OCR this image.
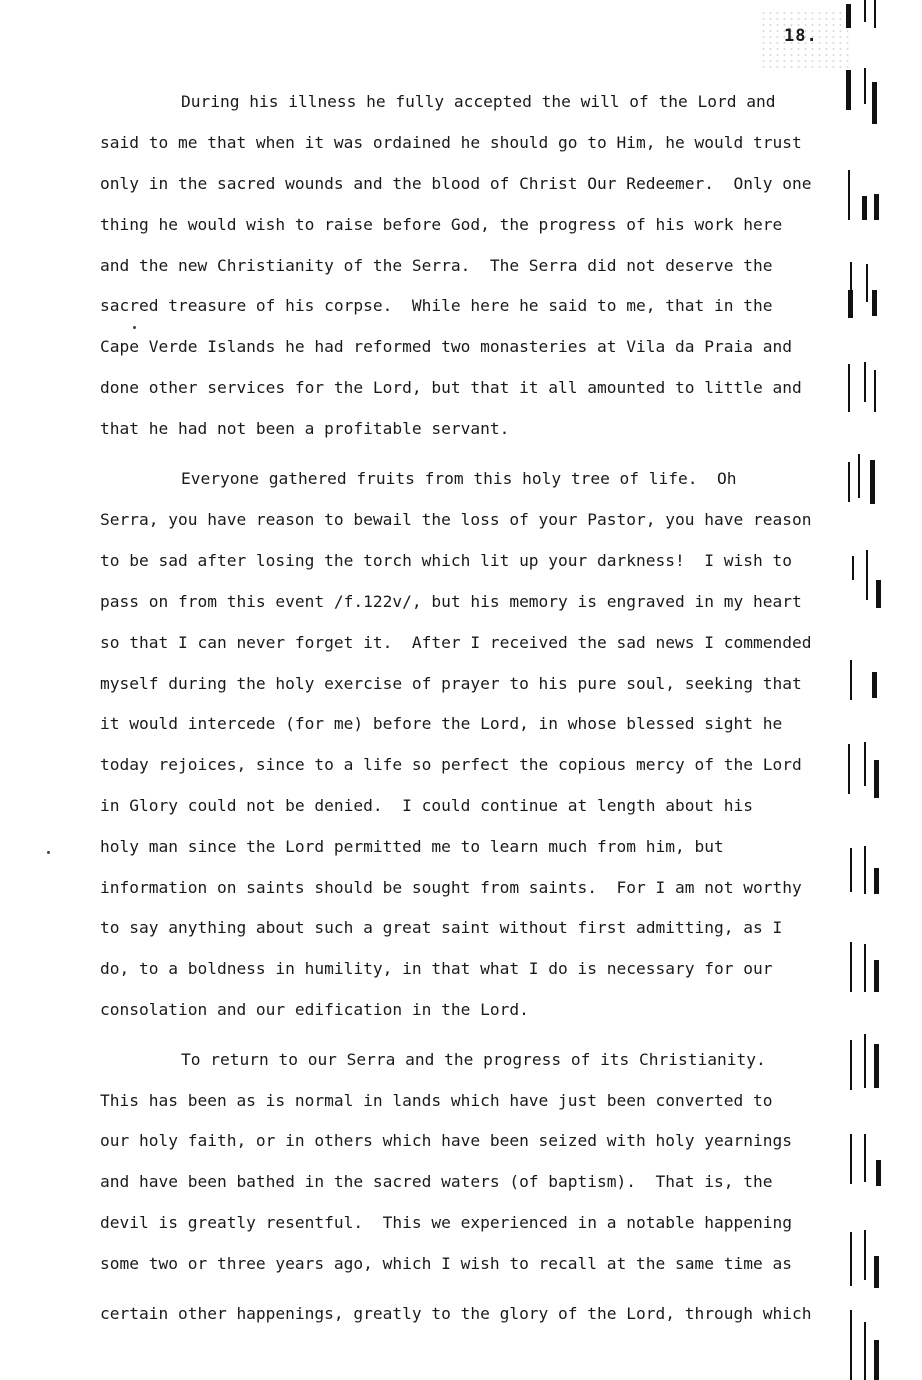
18.
During his illness he fully accepted the will of the Lord and
said to me that when it was ordained he should go to Him, he would trust
only in the sacred wounds and the blood of Christ Our Redeemer.  Only one
thing he would wish to raise before God, the progress of his work here
and the new Christianity of the Serra.  The Serra did not deserve the
sacred treasure of his corpse.  While here he said to me, that in the
Cape Verde Islands he had reformed two monasteries at Vila da Praia and
done other services for the Lord, but that it all amounted to little and
that he had not been a profitable servant.
Everyone gathered fruits from this holy tree of life.  Oh
Serra, you have reason to bewail the loss of your Pastor, you have reason
to be sad after losing the torch which lit up your darkness!  I wish to
pass on from this event /f.122v/, but his memory is engraved in my heart
so that I can never forget it.  After I received the sad news I commended
myself during the holy exercise of prayer to his pure soul, seeking that
it would intercede (for me) before the Lord, in whose blessed sight he
today rejoices, since to a life so perfect the copious mercy of the Lord
in Glory could not be denied.  I could continue at length about his
holy man since the Lord permitted me to learn much from him, but
information on saints should be sought from saints.  For I am not worthy
to say anything about such a great saint without first admitting, as I
do, to a boldness in humility, in that what I do is necessary for our
consolation and our edification in the Lord.
To return to our Serra and the progress of its Christianity.
This has been as is normal in lands which have just been converted to
our holy faith, or in others which have been seized with holy yearnings
and have been bathed in the sacred waters (of baptism).  That is, the
devil is greatly resentful.  This we experienced in a notable happening
some two or three years ago, which I wish to recall at the same time as
certain other happenings, greatly to the glory of the Lord, through which
